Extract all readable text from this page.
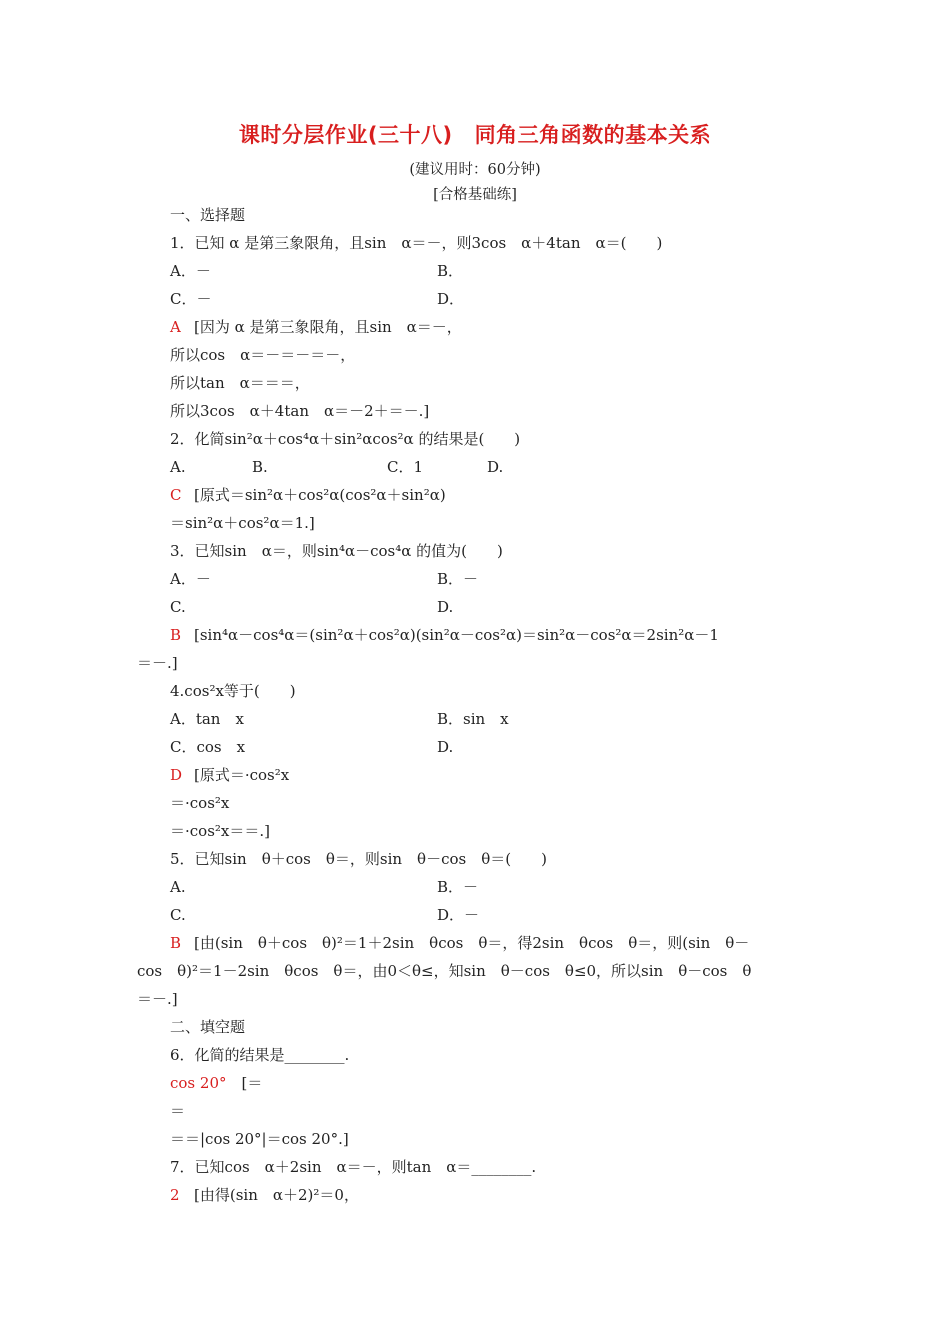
课时分层作业(三十八) 同角三角函数的基本关系
(建议用时：60分钟)
[合格基础练]
一、选择题
1．已知 α 是第三象限角，且sin　α＝－，则3cos　α＋4tan　α＝(　　)
A．－	B．
C．－	D．
A [因为 α 是第三象限角，且sin　α＝－，
所以cos　α＝－＝－＝－，
所以tan　α＝＝＝，
所以3cos　α＋4tan　α＝－2＋＝－.]
2．化简sin²α＋cos⁴α＋sin²αcos²α 的结果是(　　)
A.	B.	C．1	D.
C [原式＝sin²α＋cos²α(cos²α＋sin²α)
＝sin²α＋cos²α＝1.]
3．已知sin　α＝，则sin⁴α－cos⁴α 的值为(　　)
A．－	B．－
C.	D.
B [sin⁴α－cos⁴α＝(sin²α＋cos²α)(sin²α－cos²α)＝sin²α－cos²α＝2sin²α－1
＝－.]
4.cos²x等于(　　)
A．tan　x	B．sin　x
C．cos　x	D.
D [原式＝·cos²x
＝·cos²x
＝·cos²x＝＝.]
5．已知sin　θ＋cos　θ＝，则sin　θ－cos　θ＝(　　)
A.	B．－
C.	D．－
B [由(sin　θ＋cos　θ)²＝1＋2sin　θcos　θ＝，得2sin　θcos　θ＝，则(sin　θ－
cos　θ)²＝1－2sin　θcos　θ＝，由0＜θ≤，知sin　θ－cos　θ≤0，所以sin　θ－cos　θ
＝－.]
二、填空题
6．化简的结果是________.
cos 20°　[＝
＝
＝＝|cos 20°|＝cos 20°.]
7．已知cos　α＋2sin　α＝－，则tan　α＝________.
2 [由得(sin　α＋2)²＝0，
